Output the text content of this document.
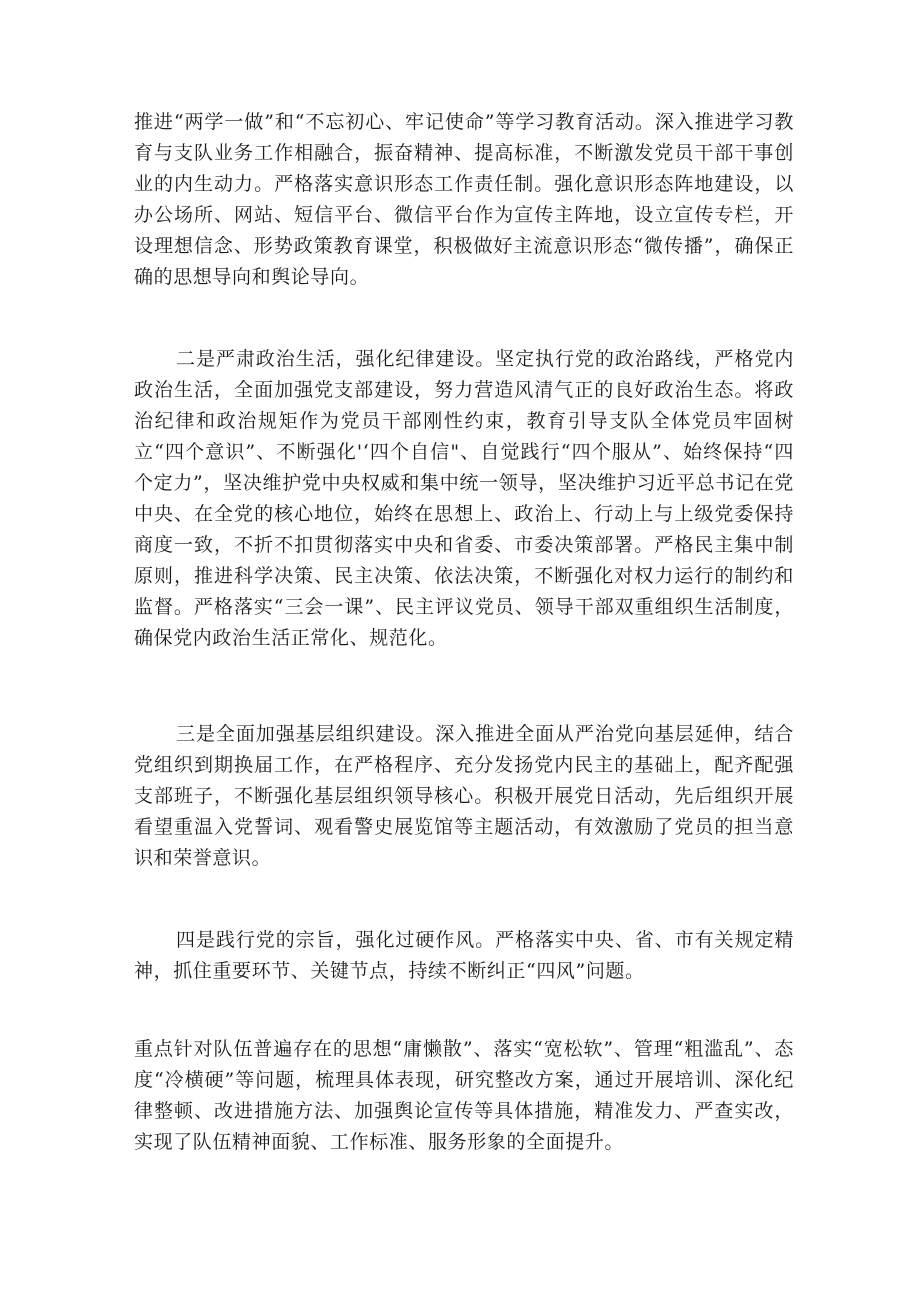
推进“两学一做”和“不忘初心、牢记使命”等学习教育活动。深入推进学习教育与支队业务工作相融合，振奋精神、提高标准，不断激发党员干部干事创业的内生动力。严格落实意识形态工作责任制。强化意识形态阵地建设，以办公场所、网站、短信平台、微信平台作为宣传主阵地，设立宣传专栏，开设理想信念、形势政策教育课堂，积极做好主流意识形态“微传播”，确保正确的思想导向和舆论导向。

二是严肃政治生活，强化纪律建设。坚定执行党的政治路线，严格党内政治生活，全面加强党支部建设，努力营造风清气正的良好政治生态。将政治纪律和政治规矩作为党员干部刚性约束，教育引导支队全体党员牢固树立“四个意识”、不断强化'‘四个自信"、自觉践行“四个服从”、始终保持“四个定力”，坚决维护党中央权威和集中统一领导，坚决维护习近平总书记在党中央、在全党的核心地位，始终在思想上、政治上、行动上与上级党委保持商度一致，不折不扣贯彻落实中央和省委、市委决策部署。严格民主集中制原则，推进科学决策、民主决策、依法决策，不断强化对权力运行的制约和监督。严格落实“三会一课”、民主评议党员、领导干部双重组织生活制度，确保党内政治生活正常化、规范化。

三是全面加强基层组织建设。深入推进全面从严治党向基层延伸，结合党组织到期换届工作，在严格程序、充分发扬党内民主的基础上，配齐配强支部班子，不断强化基层组织领导核心。积极开展党日活动，先后组织开展看望重温入党誓词、观看警史展览馆等主题活动，有效激励了党员的担当意识和荣誉意识。

四是践行党的宗旨，强化过硬作风。严格落实中央、省、市有关规定精神，抓住重要环节、关键节点，持续不断纠正“四风”问题。

重点针对队伍普遍存在的思想“庸懒散”、落实“宽松软”、管理“粗滥乱”、态度“冷横硬”等问题，梳理具体表现，研究整改方案，通过开展培训、深化纪律整顿、改进措施方法、加强舆论宣传等具体措施，精准发力、严查实改，实现了队伍精神面貌、工作标准、服务形象的全面提升。
